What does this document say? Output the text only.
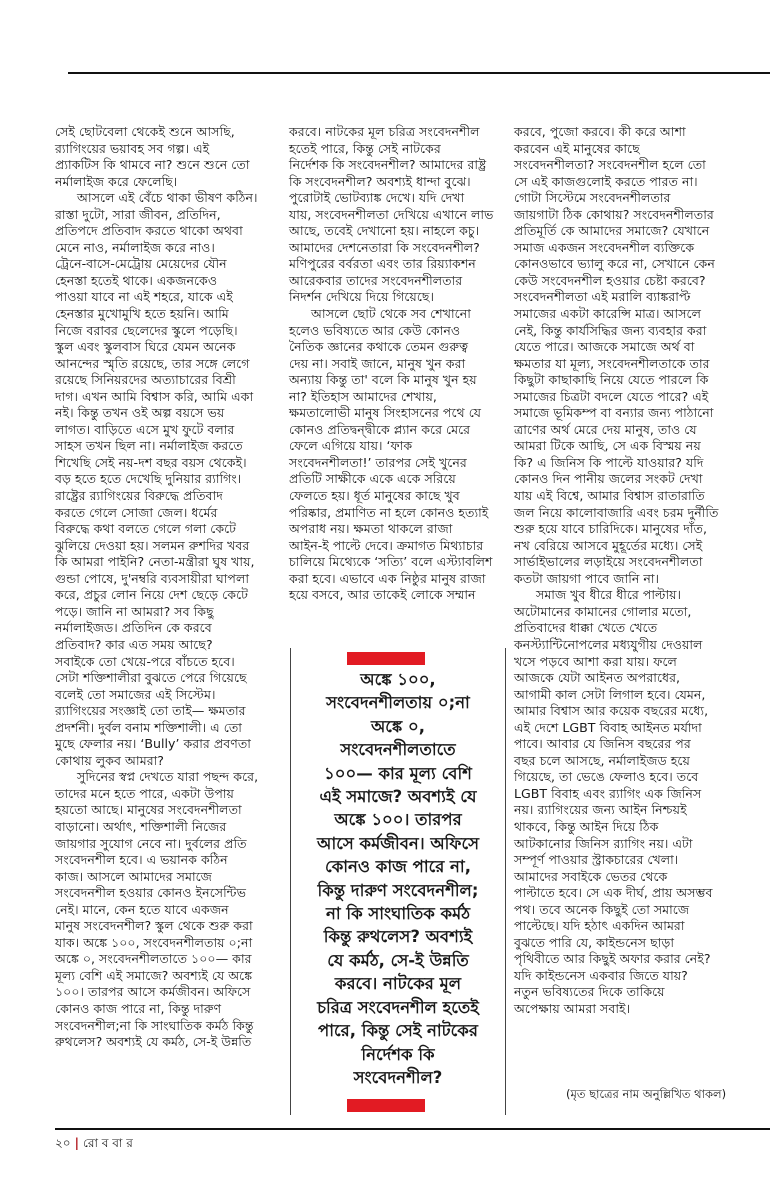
সেই ছোটবেলা থেকেই শুনে আসছি,
র‍্যাগিংয়ের ভয়াবহ সব গল্প। এই
প্র্যাকটিস কি থামবে না? শুনে শুনে তো
নর্মালাইজ করে ফেলেছি।
আসলে এই বেঁচে থাকা ভীষণ কঠিন।
রাস্তা দুটো, সারা জীবন, প্রতিদিন,
প্রতিপদে প্রতিবাদ করতে থাকো অথবা
মেনে নাও, নর্মালাইজ করে নাও।
ট্রেনে-বাসে-মেট্রোয় মেয়েদের যৌন
হেনস্তা হতেই থাকে। একজনকেও
পাওয়া যাবে না এই শহরে, যাকে এই
হেনস্তার মুখোমুখি হতে হয়নি। আমি
নিজে বরাবর ছেলেদের স্কুলে পড়েছি।
স্কুল এবং স্কুলবাস ঘিরে যেমন অনেক
আনন্দের স্মৃতি রয়েছে, তার সঙ্গে লেগে
রয়েছে সিনিয়রদের অত্যাচারের বিশ্রী
দাগ। এখন আমি বিশ্বাস করি, আমি একা
নই। কিন্তু তখন ওই অল্প বয়সে ভয়
লাগত। বাড়িতে এসে মুখ ফুটে বলার
সাহস তখন ছিল না। নর্মালাইজ করতে
শিখেছি সেই নয়-দশ বছর বয়স থেকেই।
বড় হতে হতে দেখেছি দুনিয়ার র‍্যাগিং।
রাষ্ট্রের র‍্যাগিংয়ের বিরুদ্ধে প্রতিবাদ
করতে গেলে সোজা জেল। ধর্মের
বিরুদ্ধে কথা বলতে গেলে গলা কেটে
ঝুলিয়ে দেওয়া হয়। সলমন রুশদির খবর
কি আমরা পাইনি? নেতা-মন্ত্রীরা ঘুষ খায়,
গুন্ডা পোষে, দু'নম্বরি ব্যবসায়ীরা ঘাপলা
করে, প্রচুর লোন নিয়ে দেশ ছেড়ে কেটে
পড়ে। জানি না আমরা? সব কিছু
নর্মালাইজড। প্রতিদিন কে করবে
প্রতিবাদ? কার এত সময় আছে?
সবাইকে তো খেয়ে-পরে বাঁচতে হবে।
সেটা শক্তিশালীরা বুঝতে পেরে গিয়েছে
বলেই তো সমাজের এই সিস্টেম।
র‍্যাগিংয়ের সংজ্ঞাই তো তাই— ক্ষমতার
প্রদর্শনী। দুর্বল বনাম শক্তিশালী। এ তো
মুছে ফেলার নয়। ‘Bully’ করার প্রবণতা
কোথায় লুকব আমরা?
সুদিনের স্বপ্ন দেখতে যারা পছন্দ করে,
তাদের মনে হতে পারে, একটা উপায়
হয়তো আছে। মানুষের সংবেদনশীলতা
বাড়ানো। অর্থাৎ, শক্তিশালী নিজের
জায়গার সুযোগ নেবে না। দুর্বলের প্রতি
সংবেদনশীল হবে। এ ভয়ানক কঠিন
কাজ। আসলে আমাদের সমাজে
সংবেদনশীল হওয়ার কোনও ইনসেন্টিভ
নেই। মানে, কেন হতে যাবে একজন
মানুষ সংবেদনশীল? স্কুল থেকে শুরু করা
যাক। অঙ্কে ১০০, সংবেদনশীলতায় ০;না
অঙ্কে ০, সংবেদনশীলতাতে ১০০— কার
মূল্য বেশি এই সমাজে? অবশ্যই যে অঙ্কে
১০০। তারপর আসে কর্মজীবন। অফিসে
কোনও কাজ পারে না, কিন্তু দারুণ
সংবেদনশীল;না কি সাংঘাতিক কর্মঠ কিন্তু
রুথলেস? অবশ্যই যে কর্মঠ, সে-ই উন্নতি
করবে। নাটকের মূল চরিত্র সংবেদনশীল
হতেই পারে, কিন্তু সেই নাটকের
নির্দেশক কি সংবেদনশীল? আমাদের রাষ্ট্র
কি সংবেদনশীল? অবশ্যই ধান্দা বুঝে।
পুরোটাই ভোটব্যাঙ্ক দেখে। যদি দেখা
যায়, সংবেদনশীলতা দেখিয়ে এখানে লাভ
আছে, তবেই দেখানো হয়। নাহলে কচু।
আমাদের দেশনেতারা কি সংবেদনশীল?
মণিপুরের বর্বরতা এবং তার রিয়্যাকশন
আরেকবার তাদের সংবেদনশীলতার
নিদর্শন দেখিয়ে দিয়ে গিয়েছে।
আসলে ছোট থেকে সব শেখানো
হলেও ভবিষ্যতে আর কেউ কোনও
নৈতিক জ্ঞানের কথাকে তেমন গুরুত্ব
দেয় না। সবাই জানে, মানুষ খুন করা
অন্যায় কিন্তু তা' বলে কি মানুষ খুন হয়
না? ইতিহাস আমাদের শেখায়,
ক্ষমতালোভী মানুষ সিংহাসনের পথে যে
কোনও প্রতিদ্বন্দ্বীকে প্ল্যান করে মেরে
ফেলে এগিয়ে যায়। ‘ফাক
সংবেদনশীলতা!’ তারপর সেই খুনের
প্রতিটি সাক্ষীকে একে একে সরিয়ে
ফেলতে হয়। ধূর্ত মানুষের কাছে খুব
পরিষ্কার, প্রমাণিত না হলে কোনও হত্যাই
অপরাধ নয়। ক্ষমতা থাকলে রাজা
আইন-ই পাল্টে দেবে। ক্রমাগত মিথ্যাচার
চালিয়ে মিথ্যেকে ‘সত্যি’ বলে এস্ট্যাবলিশ
করা হবে। এভাবে এক নিষ্ঠুর মানুষ রাজা
হয়ে বসবে, আর তাকেই লোকে সম্মান
করবে, পুজো করবে। কী করে আশা
করবেন এই মানুষের কাছে
সংবেদনশীলতা? সংবেদনশীল হলে তো
সে এই কাজগুলোই করতে পারত না।
গোটা সিস্টেমে সংবেদনশীলতার
জায়গাটা ঠিক কোথায়? সংবেদনশীলতার
প্রতিমূর্তি কে আমাদের সমাজে? যেখানে
সমাজ একজন সংবেদনশীল ব্যক্তিকে
কোনওভাবে ভ্যালু করে না, সেখানে কেন
কেউ সংবেদনশীল হওয়ার চেষ্টা করবে?
সংবেদনশীলতা এই মরালি ব্যাঙ্করাপ্ট
সমাজের একটা কারেন্সি মাত্র। আসলে
নেই, কিন্তু কার্যসিদ্ধির জন্য ব্যবহার করা
যেতে পারে। আজকে সমাজে অর্থ বা
ক্ষমতার যা মূল্য, সংবেদনশীলতাকে তার
কিছুটা কাছাকাছি নিয়ে যেতে পারলে কি
সমাজের চিত্রটা বদলে যেতে পারে? এই
সমাজে ভূমিকম্প বা বন্যার জন্য পাঠানো
ত্রাণের অর্থ মেরে দেয় মানুষ, তাও যে
আমরা টিকে আছি, সে এক বিস্ময় নয়
কি? এ জিনিস কি পাল্টে যাওয়ার? যদি
কোনও দিন পানীয় জলের সংকট দেখা
যায় এই বিশ্বে, আমার বিশ্বাস রাতারাতি
জল নিয়ে কালোবাজারি এবং চরম দুর্নীতি
শুরু হয়ে যাবে চারিদিকে। মানুষের দাঁত,
নখ বেরিয়ে আসবে মুহূর্তের মধ্যে। সেই
সার্ভাইভালের লড়াইয়ে সংবেদনশীলতা
কতটা জায়গা পাবে জানি না।
সমাজ খুব ধীরে ধীরে পাল্টায়।
অটোমানের কামানের গোলার মতো,
প্রতিবাদের ধাক্কা খেতে খেতে
কনস্ট্যান্টিনোপলের মধ্যযুগীয় দেওয়াল
খসে পড়বে আশা করা যায়। ফলে
আজকে যেটা আইনত অপরাধের,
আগামী কাল সেটা লিগাল হবে। যেমন,
আমার বিশ্বাস আর কয়েক বছরের মধ্যে,
এই দেশে LGBT বিবাহ আইনত মর্যাদা
পাবে। আবার যে জিনিস বছরের পর
বছর চলে আসছে, নর্মালাইজড হয়ে
গিয়েছে, তা ভেঙে ফেলাও হবে। তবে
LGBT বিবাহ এবং র‍্যাগিং এক জিনিস
নয়। র‍্যাগিংয়ের জন্য আইন নিশ্চয়ই
থাকবে, কিন্তু আইন দিয়ে ঠিক
আটকানোর জিনিস র‍্যাগিং নয়। এটা
সম্পূর্ণ পাওয়ার স্ট্রাকচারের খেলা।
আমাদের সবাইকে ভেতর থেকে
পাল্টাতে হবে। সে এক দীর্ঘ, প্রায় অসম্ভব
পথ। তবে অনেক কিছুই তো সমাজে
পাল্টেছে। যদি হঠাৎ একদিন আমরা
বুঝতে পারি যে, কাইন্ডনেস ছাড়া
পৃথিবীতে আর কিছুই অফার করার নেই?
যদি কাইন্ডনেস একবার জিতে যায়?
নতুন ভবিষ্যতের দিকে তাকিয়ে
অপেক্ষায় আমরা সবাই।
অঙ্কে ১০০,
সংবেদনশীলতায় ০;না
অঙ্কে ০,
সংবেদনশীলতাতে
১০০— কার মূল্য বেশি
এই সমাজে? অবশ্যই যে
অঙ্কে ১০০। তারপর
আসে কর্মজীবন। অফিসে
কোনও কাজ পারে না,
কিন্তু দারুণ সংবেদনশীল;
না কি সাংঘাতিক কর্মঠ
কিন্তু রুথলেস? অবশ্যই
যে কর্মঠ, সে-ই উন্নতি
করবে। নাটকের মূল
চরিত্র সংবেদনশীল হতেই
পারে, কিন্তু সেই নাটকের
নির্দেশক কি
সংবেদনশীল?
(মৃত ছাত্রের নাম অনুল্লিখিত থাকল)
২০ | রো ব বা র
